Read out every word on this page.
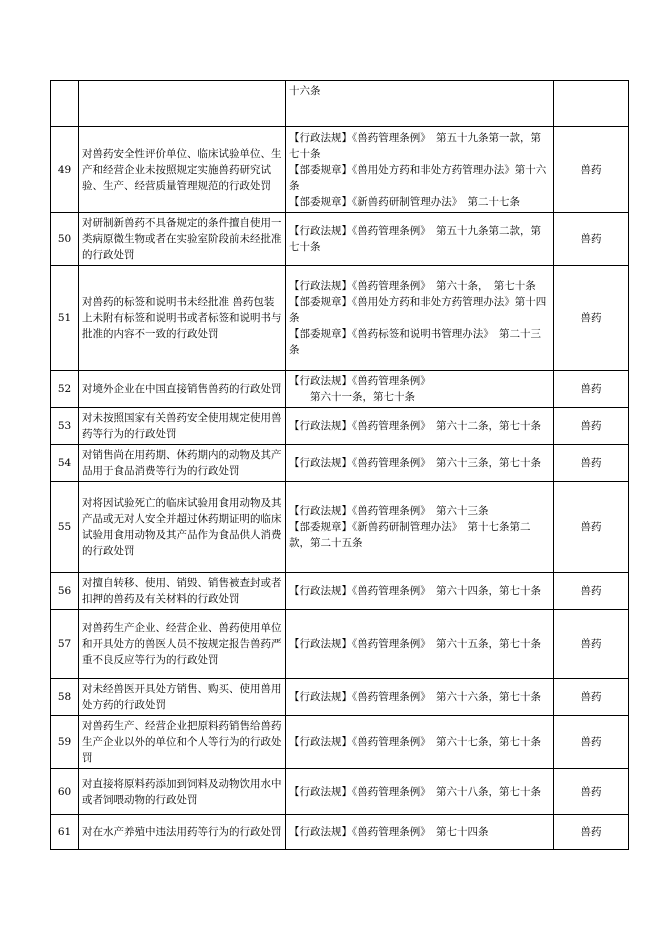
		十六条	

49	对兽药安全性评价单位、临床试验单位、生产和经营企业未按照规定实施兽药研究试验、生产、经营质量管理规范的行政处罚	【行政法规】《兽药管理条例》　第五十九条第一款，第七十条
【部委规章】《兽用处方药和非处方药管理办法》第十六条
【部委规章】《新兽药研制管理办法》　第二十七条	兽药
50	对研制新兽药不具备规定的条件擅自使用一类病原微生物或者在实验室阶段前未经批准的行政处罚	【行政法规】《兽药管理条例》　第五十九条第二款，第七十条	兽药
51	对兽药的标签和说明书未经批准 兽药包装上未附有标签和说明书或者标签和说明书与批准的内容不一致的行政处罚	【行政法规】《兽药管理条例》　第六十条，　第七十条
【部委规章】《兽用处方药和非处方药管理办法》第十四条
【部委规章】《兽药标签和说明书管理办法》　第二十三条	兽药
52	对境外企业在中国直接销售兽药的行政处罚	【行政法规】《兽药管理条例》
　　第六十一条，第七十条	兽药
53	对未按照国家有关兽药安全使用规定使用兽药等行为的行政处罚	【行政法规】《兽药管理条例》　第六十二条，第七十条	兽药
54	对销售尚在用药期、休药期内的动物及其产品用于食品消费等行为的行政处罚	【行政法规】《兽药管理条例》　第六十三条，第七十条	兽药
55	对将因试验死亡的临床试验用食用动物及其产品或无对人安全并超过休药期证明的临床试验用食用动物及其产品作为食品供人消费的行政处罚	【行政法规】《兽药管理条例》　第六十三条
【部委规章】《新兽药研制管理办法》　第十七条第二款，第二十五条	兽药
56	对擅自转移、使用、销毁、销售被查封或者扣押的兽药及有关材料的行政处罚	【行政法规】《兽药管理条例》　第六十四条，第七十条	兽药
57	对兽药生产企业、经营企业、兽药使用单位和开具处方的兽医人员不按规定报告兽药严重不良反应等行为的行政处罚	【行政法规】《兽药管理条例》　第六十五条，第七十条	兽药
58	对未经兽医开具处方销售、购买、使用兽用处方药的行政处罚	【行政法规】《兽药管理条例》　第六十六条，第七十条	兽药
59	对兽药生产、经营企业把原料药销售给兽药生产企业以外的单位和个人等行为的行政处罚	【行政法规】《兽药管理条例》　第六十七条，第七十条	兽药
60	对直接将原料药添加到饲料及动物饮用水中或者饲喂动物的行政处罚	【行政法规】《兽药管理条例》　第六十八条，第七十条	兽药
61	对在水产养殖中违法用药等行为的行政处罚	【行政法规】《兽药管理条例》　第七十四条	兽药
